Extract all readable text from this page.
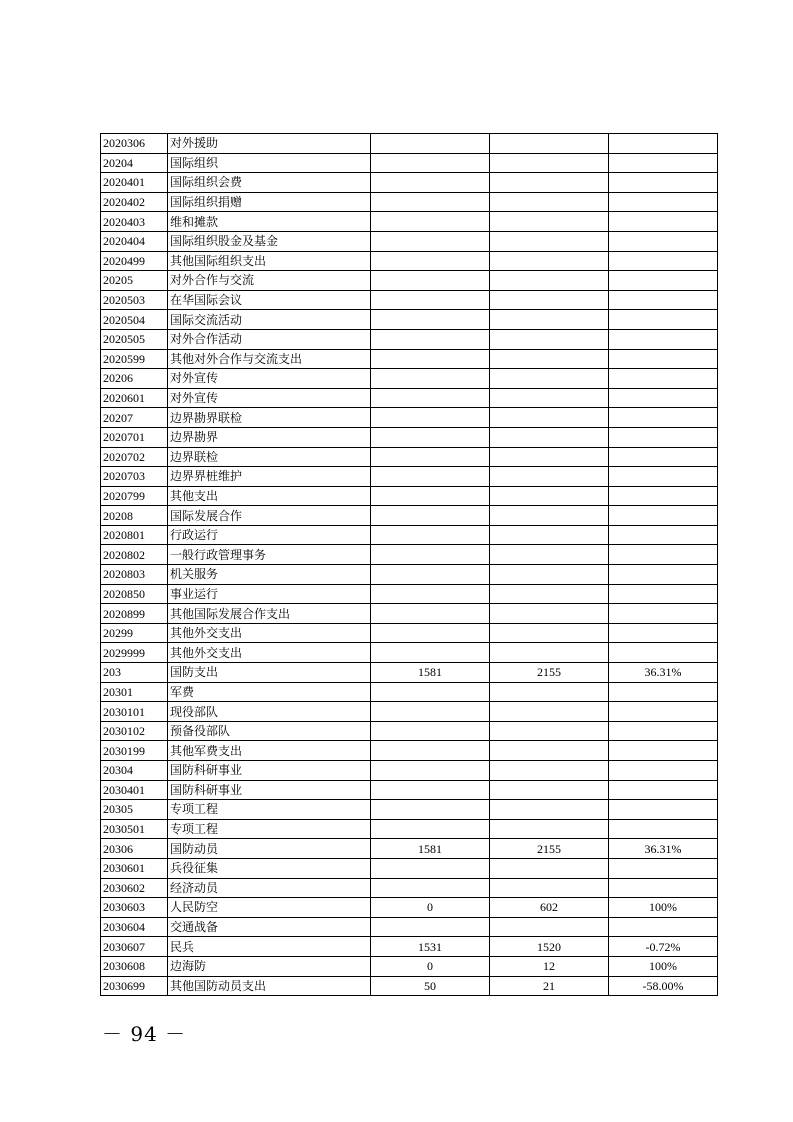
2020306	对外援助			
20204	国际组织			
2020401	国际组织会费			
2020402	国际组织捐赠			
2020403	维和摊款			
2020404	国际组织股金及基金			
2020499	其他国际组织支出			
20205	对外合作与交流			
2020503	在华国际会议			
2020504	国际交流活动			
2020505	对外合作活动			
2020599	其他对外合作与交流支出			
20206	对外宣传			
2020601	对外宣传			
20207	边界勘界联检			
2020701	边界勘界			
2020702	边界联检			
2020703	边界界桩维护			
2020799	其他支出			
20208	国际发展合作			
2020801	行政运行			
2020802	一般行政管理事务			
2020803	机关服务			
2020850	事业运行			
2020899	其他国际发展合作支出			
20299	其他外交支出			
2029999	其他外交支出			
203	国防支出	1581	2155	36.31%
20301	军费			
2030101	现役部队			
2030102	预备役部队			
2030199	其他军费支出			
20304	国防科研事业			
2030401	国防科研事业			
20305	专项工程			
2030501	专项工程			
20306	国防动员	1581	2155	36.31%
2030601	兵役征集			
2030602	经济动员			
2030603	人民防空	0	602	100%
2030604	交通战备			
2030607	民兵	1531	1520	-0.72%
2030608	边海防	0	12	100%
2030699	其他国防动员支出	50	21	-58.00%
－ 94 －
